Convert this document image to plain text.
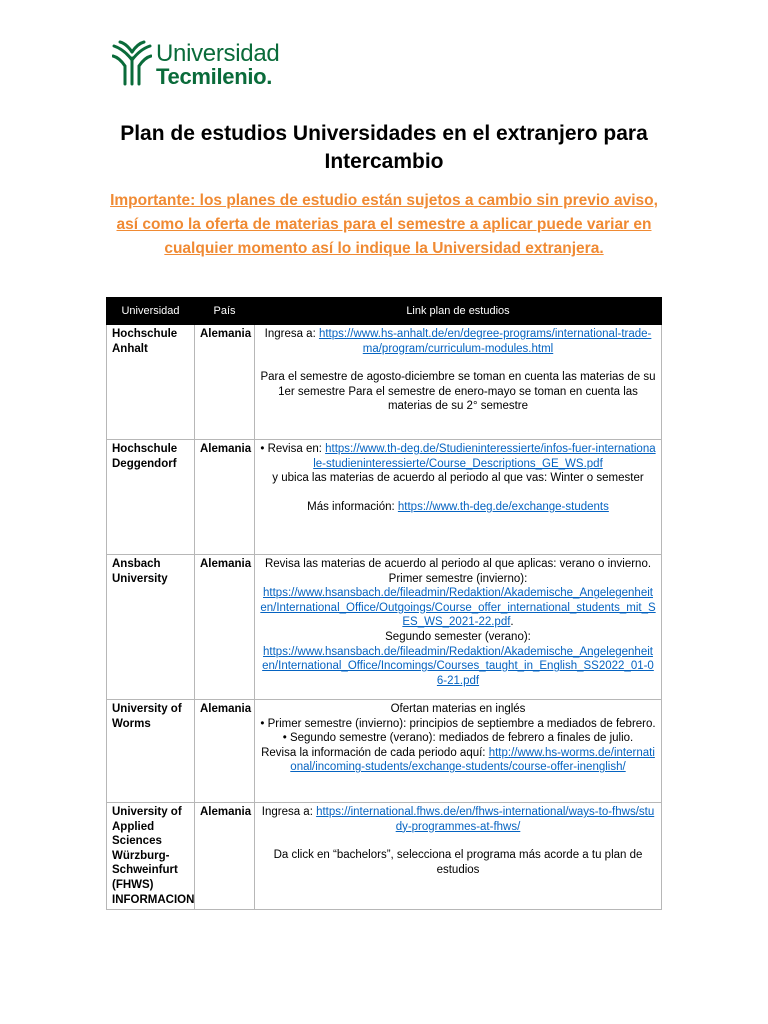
Universidad
Tecmilenio.
Plan de estudios Universidades en el extranjero para Intercambio
Importante: los planes de estudio están sujetos a cambio sin previo aviso, así como la oferta de materias para el semestre a aplicar puede variar en cualquier momento así lo indique la Universidad extranjera.
Universidad	País	Link plan de estudios
Hochschule Anhalt	Alemania	Ingresa a: https://www.hs-anhalt.de/en/degree-programs/international-trade-ma/program/curriculum-modules.html
Para el semestre de agosto-diciembre se toman en cuenta las materias de su 1er semestre Para el semestre de enero-mayo se toman en cuenta las materias de su 2° semestre

Hochschule Deggendorf	Alemania	• Revisa en: https://www.th-deg.de/Studieninteressierte/infos-fuer-internationale-studieninteressierte/Course_Descriptions_GE_WS.pdf
y ubica las materias de acuerdo al periodo al que vas: Winter o semester
Más información: https://www.th-deg.de/exchange-students

Ansbach University	Alemania	Revisa las materias de acuerdo al periodo al que aplicas: verano o invierno. Primer semestre (invierno):
https://www.hsansbach.de/fileadmin/Redaktion/Akademische_Angelegenheiten/International_Office/Outgoings/Course_offer_international_students_mit_SES_WS_2021-22.pdf.
Segundo semester (verano):
https://www.hsansbach.de/fileadmin/Redaktion/Akademische_Angelegenheiten/International_Office/Incomings/Courses_taught_in_English_SS2022_01-06-21.pdf

University of Worms	Alemania	Ofertan materias en inglés
• Primer semestre (invierno): principios de septiembre a mediados de febrero.
• Segundo semestre (verano): mediados de febrero a finales de julio.
Revisa la información de cada periodo aquí: http://www.hs-worms.de/international/incoming-students/exchange-students/course-offer-inenglish/

University of Applied Sciences Würzburg-Schweinfurt (FHWS) INFORMACION	Alemania	Ingresa a: https://international.fhws.de/en/fhws-international/ways-to-fhws/study-programmes-at-fhws/
Da click en “bachelors”, selecciona el programa más acorde a tu plan de estudios
